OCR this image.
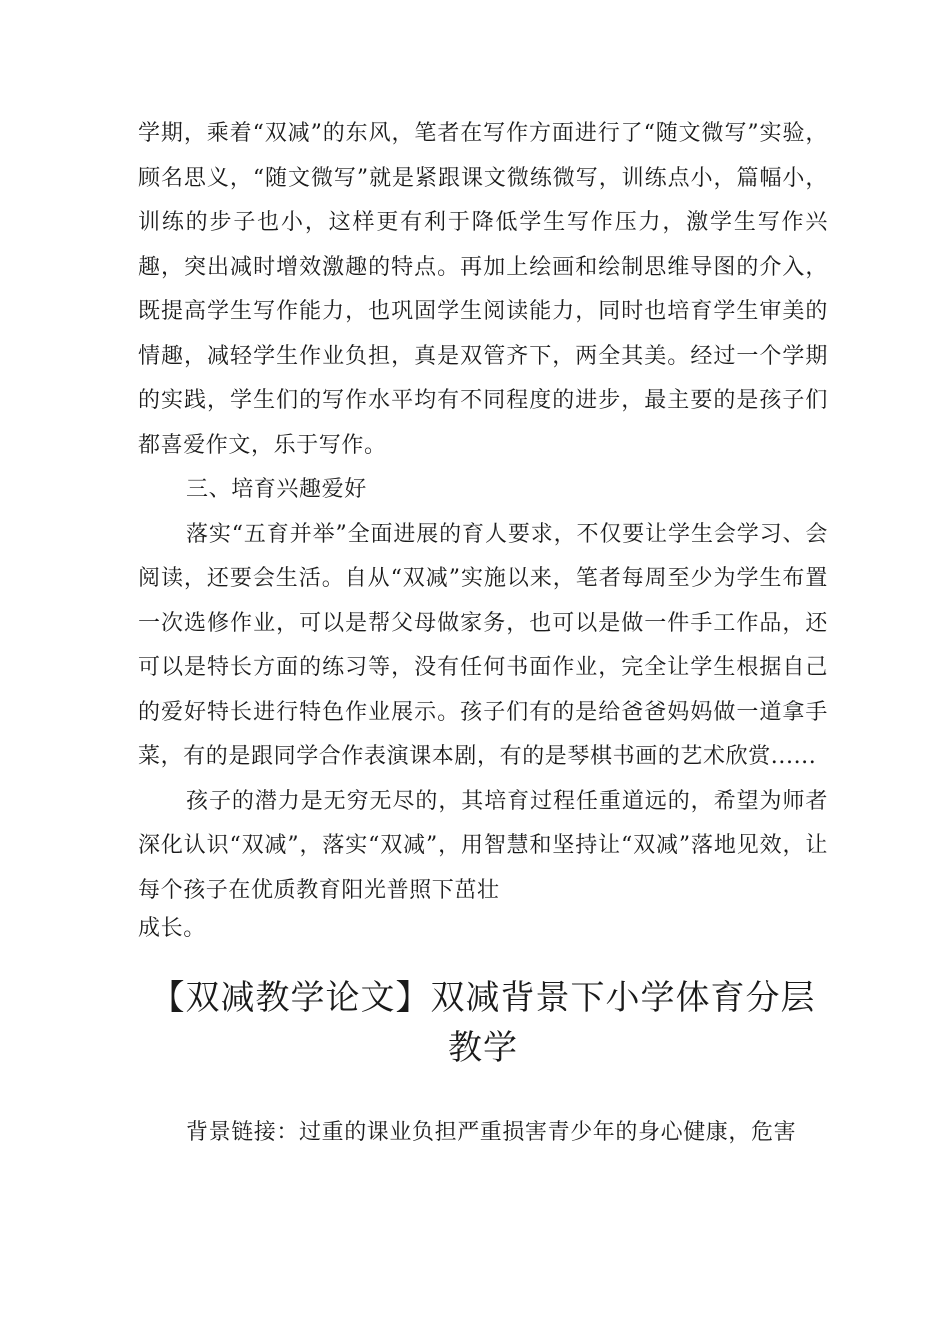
学期，乘着“双减”的东风，笔者在写作方面进行了“随文微写”实验，顾名思义，“随文微写”就是紧跟课文微练微写，训练点小，篇幅小，训练的步子也小，这样更有利于降低学生写作压力，激学生写作兴趣，突出减时增效激趣的特点。再加上绘画和绘制思维导图的介入，既提高学生写作能力，也巩固学生阅读能力，同时也培育学生审美的情趣，减轻学生作业负担，真是双管齐下，两全其美。经过一个学期的实践，学生们的写作水平均有不同程度的进步，最主要的是孩子们都喜爱作文，乐于写作。

三、培育兴趣爱好

落实“五育并举”全面进展的育人要求，不仅要让学生会学习、会阅读，还要会生活。自从“双减”实施以来，笔者每周至少为学生布置一次选修作业，可以是帮父母做家务，也可以是做一件手工作品，还可以是特长方面的练习等，没有任何书面作业，完全让学生根据自己的爱好特长进行特色作业展示。孩子们有的是给爸爸妈妈做一道拿手菜，有的是跟同学合作表演课本剧，有的是琴棋书画的艺术欣赏......

孩子的潜力是无穷无尽的，其培育过程任重道远的，希望为师者深化认识“双减”，落实“双减”，用智慧和坚持让“双减”落地见效，让每个孩子在优质教育阳光普照下茁壮

成长。

【双减教学论文】双减背景下小学体育分层教学

背景链接：过重的课业负担严重损害青少年的身心健康，危害
